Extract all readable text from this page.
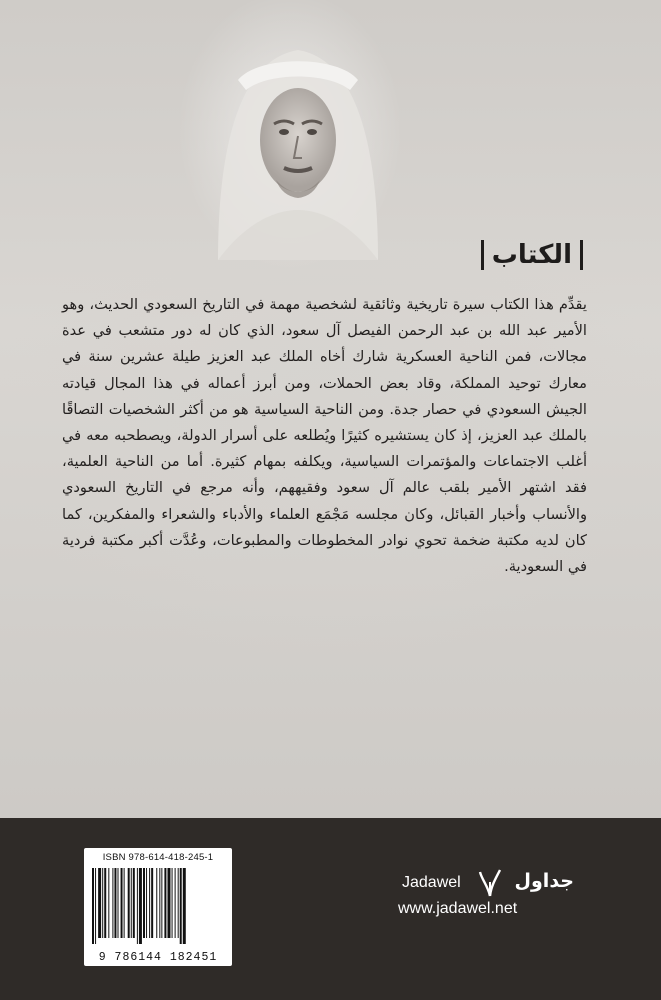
الكتاب

يقدِّم هذا الكتاب سيرة تاريخية وثائقية لشخصية مهمة في التاريخ السعودي الحديث، وهو الأمير عبد الله بن عبد الرحمن الفيصل آل سعود، الذي كان له دور متشعب في عدة مجالات، فمن الناحية العسكرية شارك أخاه الملك عبد العزيز طيلة عشرين سنة في معارك توحيد المملكة، وقاد بعض الحملات، ومن أبرز أعماله في هذا المجال قيادته الجيش السعودي في حصار جدة. ومن الناحية السياسية هو من أكثر الشخصيات التصاقًا بالملك عبد العزيز، إذ كان يستشيره كثيرًا ويُطلعه على أسرار الدولة، ويصطحبه معه في أغلب الاجتماعات والمؤتمرات السياسية، ويكلفه بمهام كثيرة. أما من الناحية العلمية، فقد اشتهر الأمير بلقب عالم آل سعود وفقيههم، وأنه مرجع في التاريخ السعودي والأنساب وأخبار القبائل، وكان مجلسه مَجْمَع العلماء والأدباء والشعراء والمفكرين، كما كان لديه مكتبة ضخمة تحوي نوادر المخطوطات والمطبوعات، وعُدَّت أكبر مكتبة فردية في السعودية.

ISBN 978-614-418-245-1
9 786144 182451
Jadawel	جداول
www.jadawel.net
